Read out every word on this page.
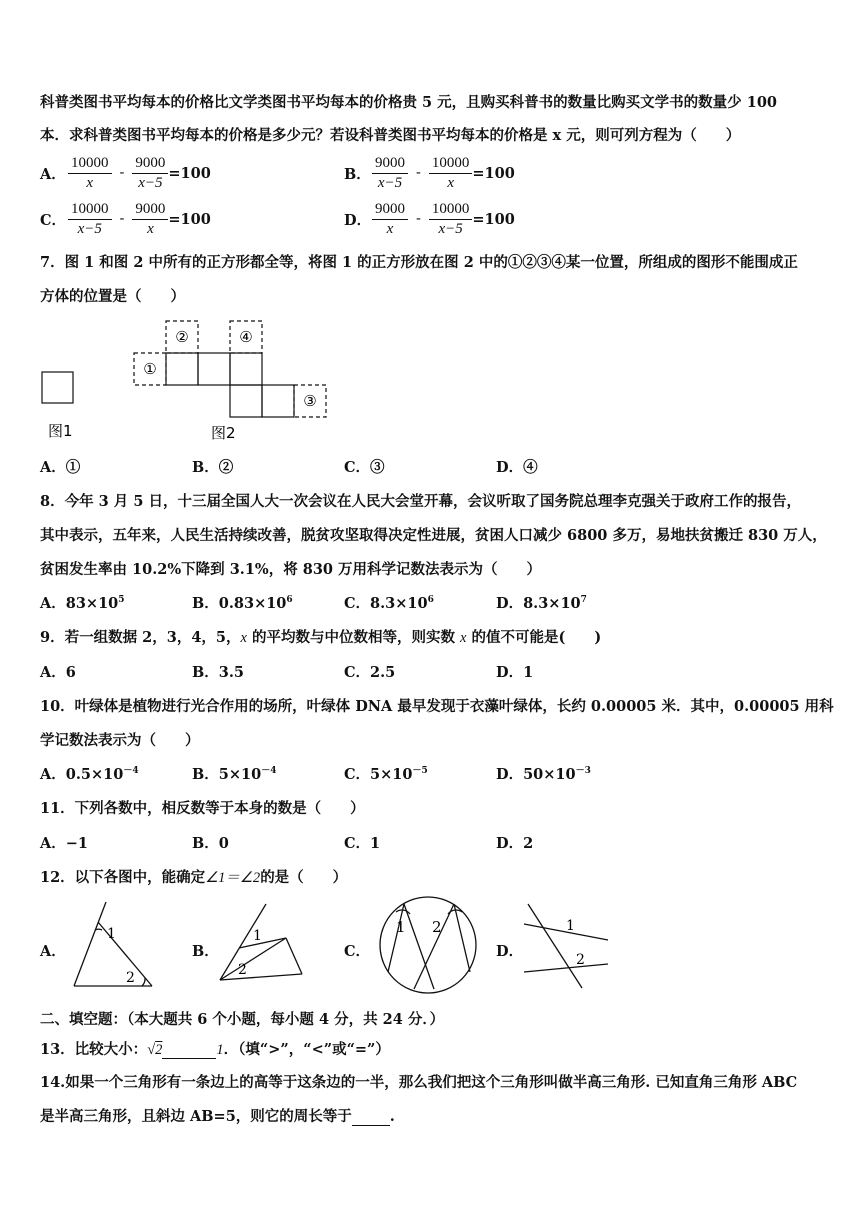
科普类图书平均每本的价格比文学类图书平均每本的价格贵 5 元，且购买科普书的数量比购买文学书的数量少 100
本．求科普类图书平均每本的价格是多少元？若设科普类图书平均每本的价格是 x 元，则可列方程为（　　）
A． $\frac{10000}{x} - \frac{9000}{x-5} =100$	B． $\frac{9000}{x-5} - \frac{10000}{x} =100$
C． $\frac{10000}{x-5} - \frac{9000}{x} =100$	D． $\frac{9000}{x} - \frac{10000}{x-5} =100$
7．图 1 和图 2 中所有的正方形都全等，将图 1 的正方形放在图 2 中的①②③④某一位置，所组成的图形不能围成正
方体的位置是（　　）
②	④
①
③
图1	图2
A．①	B．②	C．③	D．④
8．今年 3 月 5 日，十三届全国人大一次会议在人民大会堂开幕，会议听取了国务院总理李克强关于政府工作的报告，
其中表示，五年来，人民生活持续改善，脱贫攻坚取得决定性进展，贫困人口减少 6800 多万，易地扶贫搬迁 830 万人，
贫困发生率由 10.2%下降到 3.1%，将 830 万用科学记数法表示为（　　）
A．$83\times 10^5$	B．$0.83\times 10^6$	C．$8.3\times 10^6$	D．$8.3\times 10^7$
9．若一组数据 2，3，4，5，x 的平均数与中位数相等，则实数 x 的值不可能是(　　)
A．6	B．3.5	C．2.5	D．1
10．叶绿体是植物进行光合作用的场所，叶绿体 DNA 最早发现于衣藻叶绿体，长约 0.00005 米．其中，0.00005 用科
学记数法表示为（　　）
A．$0.5\times 10^{-4}$	B．$5\times 10^{-4}$	C．$5\times 10^{-5}$	D．$50\times 10^{-3}$
11．下列各数中，相反数等于本身的数是（　　）
A．−1	B．0	C．1	D．2
12．以下各图中，能确定∠1＝∠2的是（　　）
A．	B．	C．	D．
1
2
1
2
1 2	1
2
二、填空题：（本大题共 6 个小题，每小题 4 分，共 24 分．）
13．比较大小：√2	1．（填“>”，“<”或“=”）
14.如果一个三角形有一条边上的高等于这条边的一半，那么我们把这个三角形叫做半高三角形. 已知直角三角形 ABC
是半高三角形，且斜边 AB=5，则它的周长等于	.
